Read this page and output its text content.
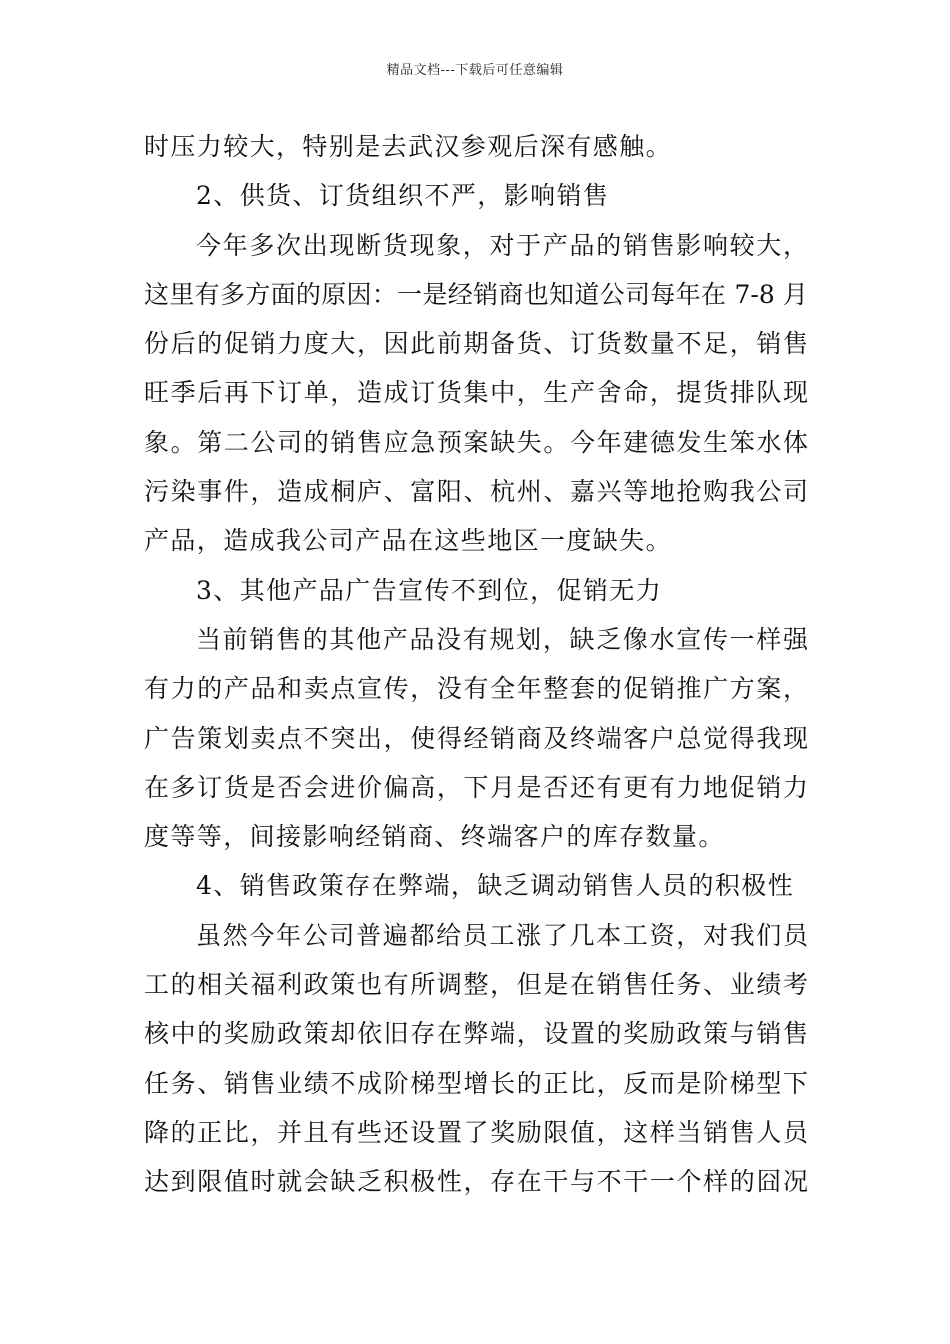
精品文档---下载后可任意编辑
时压力较大，特别是去武汉参观后深有感触。
2、供货、订货组织不严，影响销售
今年多次出现断货现象，对于产品的销售影响较大，
这里有多方面的原因：一是经销商也知道公司每年在 7-8 月
份后的促销力度大，因此前期备货、订货数量不足，销售
旺季后再下订单，造成订货集中，生产舍命，提货排队现
象。第二公司的销售应急预案缺失。今年建德发生笨水体
污染事件，造成桐庐、富阳、杭州、嘉兴等地抢购我公司
产品，造成我公司产品在这些地区一度缺失。
3、其他产品广告宣传不到位，促销无力
当前销售的其他产品没有规划，缺乏像水宣传一样强
有力的产品和卖点宣传，没有全年整套的促销推广方案，
广告策划卖点不突出，使得经销商及终端客户总觉得我现
在多订货是否会进价偏高，下月是否还有更有力地促销力
度等等，间接影响经销商、终端客户的库存数量。
4、销售政策存在弊端，缺乏调动销售人员的积极性
虽然今年公司普遍都给员工涨了几本工资，对我们员
工的相关福利政策也有所调整，但是在销售任务、业绩考
核中的奖励政策却依旧存在弊端，设置的奖励政策与销售
任务、销售业绩不成阶梯型增长的正比，反而是阶梯型下
降的正比，并且有些还设置了奖励限值，这样当销售人员
达到限值时就会缺乏积极性，存在干与不干一个样的囧况
